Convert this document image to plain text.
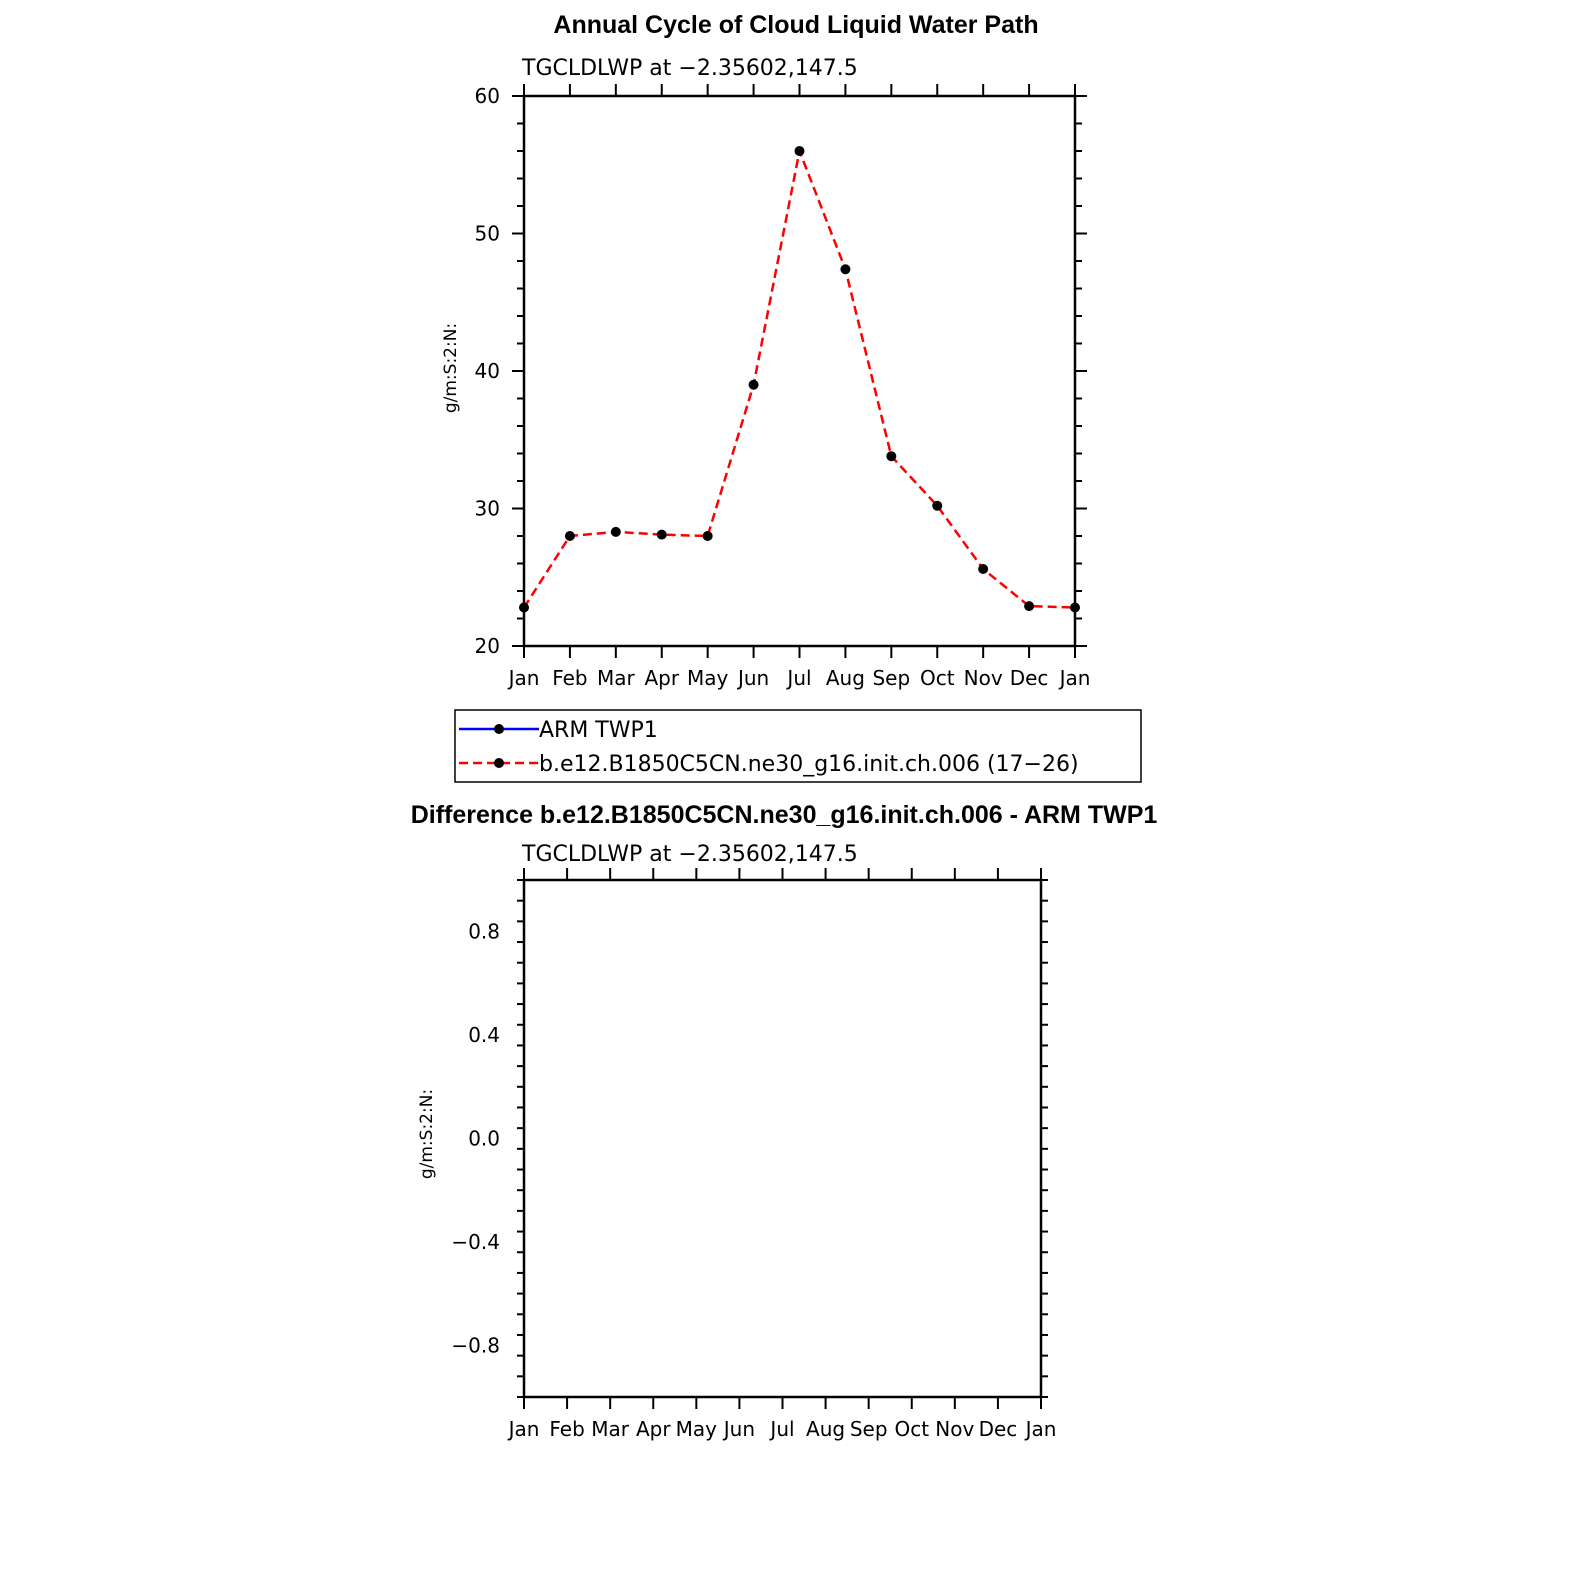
Annual Cycle of Cloud Liquid Water Path
TGCLDLWP at −2.35602,147.5
Jan Feb Mar Apr May Jun Jul Aug Sep Oct Nov Dec Jan
20
30
40
50
60
g/m:S:2:N:
ARM TWP1
b.e12.B1850C5CN.ne30_g16.init.ch.006 (17−26)
Difference b.e12.B1850C5CN.ne30_g16.init.ch.006 - ARM TWP1
TGCLDLWP at −2.35602,147.5
Jan Feb Mar Apr May Jun Jul Aug Sep Oct Nov Dec Jan
−0.8
−0.4
0.0
0.4
0.8
g/m:S:2:N:
